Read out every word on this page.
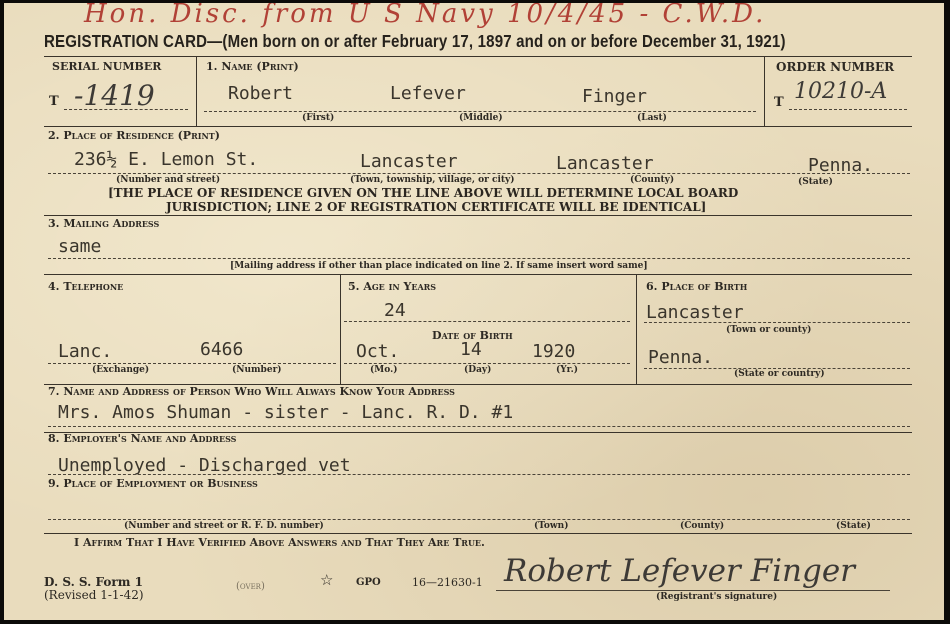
Hon. Disc. from U S Navy 10/4/45 - C.W.D.
REGISTRATION CARD—(Men born on or after February 17, 1897 and on or before December 31, 1921)
SERIAL NUMBER
T -1419
1. Name (Print)
Robert	Lefever	Finger
(First)	(Middle)	(Last)
ORDER NUMBER
T 10210-A
2. Place of Residence (Print)
236½ E. Lemon St.	Lancaster	Lancaster	Penna.
(Number and street)	(Town, township, village, or city)	(County)	(State)
[THE PLACE OF RESIDENCE GIVEN ON THE LINE ABOVE WILL DETERMINE LOCAL BOARD
JURISDICTION; LINE 2 OF REGISTRATION CERTIFICATE WILL BE IDENTICAL]
3. Mailing Address
same
[Mailing address if other than place indicated on line 2. If same insert word same]
4. Telephone
Lanc.	6466
(Exchange)	(Number)
5. Age in Years
24
Date of Birth
Oct.	14	1920
(Mo.)	(Day)	(Yr.)
6. Place of Birth
Lancaster
(Town or county)
Penna.
(State or country)
7. Name and Address of Person Who Will Always Know Your Address
Mrs. Amos Shuman - sister - Lanc. R. D. #1
8. Employer's Name and Address
Unemployed - Discharged vet
9. Place of Employment or Business
(Number and street or R. F. D. number)	(Town)	(County)	(State)
I Affirm That I Have Verified Above Answers and That They Are True.
D. S. S. Form 1
(Revised 1-1-42)
(over)	☆ GPO	16—21630-1 Robert Lefever Finger
(Registrant's signature)
